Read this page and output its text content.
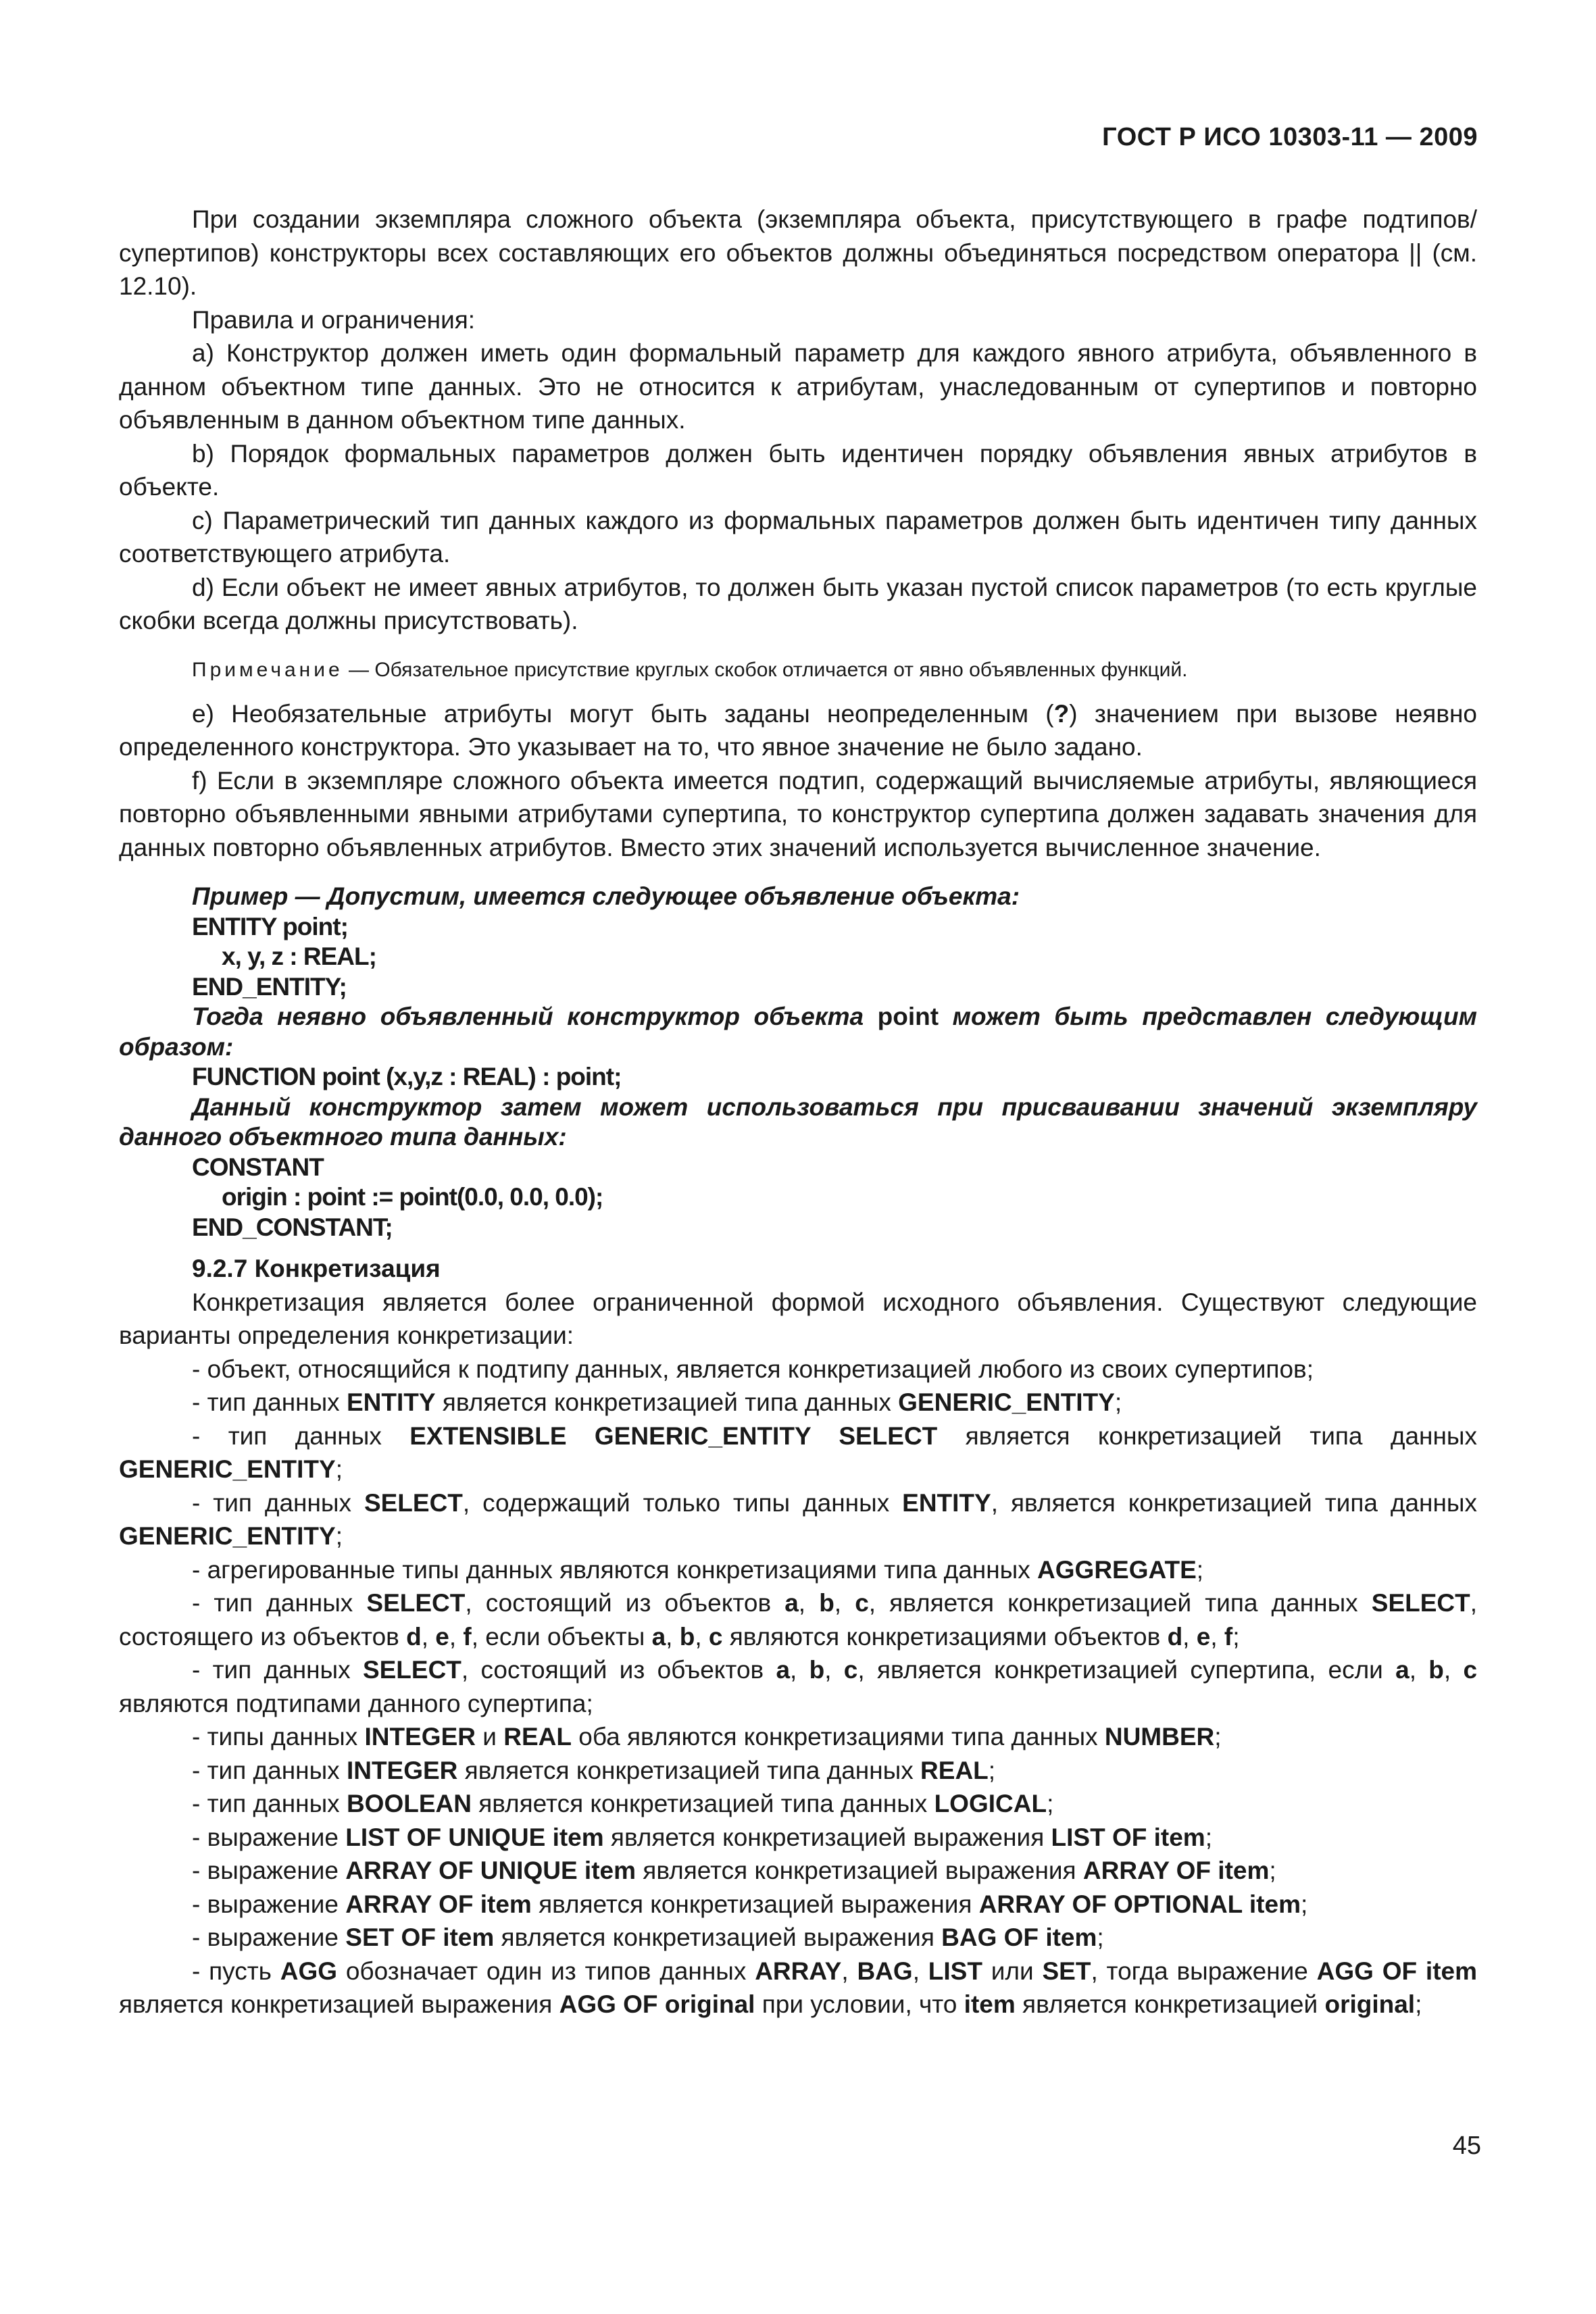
ГОСТ Р ИСО 10303-11 — 2009

При создании экземпляра сложного объекта (экземпляра объекта, присутствующего в графе подтипов/супертипов) конструкторы всех составляющих его объектов должны объединяться посредством оператора || (см. 12.10).

Правила и ограничения:

a) Конструктор должен иметь один формальный параметр для каждого явного атрибута, объявленного в данном объектном типе данных. Это не относится к атрибутам, унаследованным от супертипов и повторно объявленным в данном объектном типе данных.

b) Порядок формальных параметров должен быть идентичен порядку объявления явных атрибутов в объекте.

c) Параметрический тип данных каждого из формальных параметров должен быть идентичен типу данных соответствующего атрибута.

d) Если объект не имеет явных атрибутов, то должен быть указан пустой список параметров (то есть круглые скобки всегда должны присутствовать).

Примечание — Обязательное присутствие круглых скобок отличается от явно объявленных функций.

e) Необязательные атрибуты могут быть заданы неопределенным (?) значением при вызове неявно определенного конструктора. Это указывает на то, что явное значение не было задано.

f) Если в экземпляре сложного объекта имеется подтип, содержащий вычисляемые атрибуты, являющиеся повторно объявленными явными атрибутами супертипа, то конструктор супертипа должен задавать значения для данных повторно объявленных атрибутов. Вместо этих значений используется вычисленное значение.

Пример — Допустим, имеется следующее объявление объекта:

ENTITY point;

x, y, z : REAL;

END_ENTITY;

Тогда неявно объявленный конструктор объекта point может быть представлен следующим образом:

FUNCTION point (x,y,z : REAL) : point;

Данный конструктор затем может использоваться при присваивании значений экземпляру данного объектного типа данных:

CONSTANT

origin : point := point(0.0, 0.0, 0.0);

END_CONSTANT;

9.2.7 Конкретизация

Конкретизация является более ограниченной формой исходного объявления. Существуют следующие варианты определения конкретизации:

- объект, относящийся к подтипу данных, является конкретизацией любого из своих супертипов;

- тип данных ENTITY является конкретизацией типа данных GENERIC_ENTITY;

- тип данных EXTENSIBLE GENERIC_ENTITY SELECT является конкретизацией типа данных GENERIC_ENTITY;

- тип данных SELECT, содержащий только типы данных ENTITY, является конкретизацией типа данных GENERIC_ENTITY;

- агрегированные типы данных являются конкретизациями типа данных AGGREGATE;

- тип данных SELECT, состоящий из объектов a, b, c, является конкретизацией типа данных SELECT, состоящего из объектов d, e, f, если объекты a, b, c являются конкретизациями объектов d, e, f;

- тип данных SELECT, состоящий из объектов a, b, c, является конкретизацией супертипа, если a, b, c являются подтипами данного супертипа;

- типы данных INTEGER и REAL оба являются конкретизациями типа данных NUMBER;

- тип данных INTEGER является конкретизацией типа данных REAL;

- тип данных BOOLEAN является конкретизацией типа данных LOGICAL;

- выражение LIST OF UNIQUE item является конкретизацией выражения LIST OF item;

- выражение ARRAY OF UNIQUE item является конкретизацией выражения ARRAY OF item;

- выражение ARRAY OF item является конкретизацией выражения ARRAY OF OPTIONAL item;

- выражение SET OF item является конкретизацией выражения BAG OF item;

- пусть AGG обозначает один из типов данных ARRAY, BAG, LIST или SET, тогда выражение AGG OF item является конкретизацией выражения AGG OF original при условии, что item является конкретизацией original;

45
